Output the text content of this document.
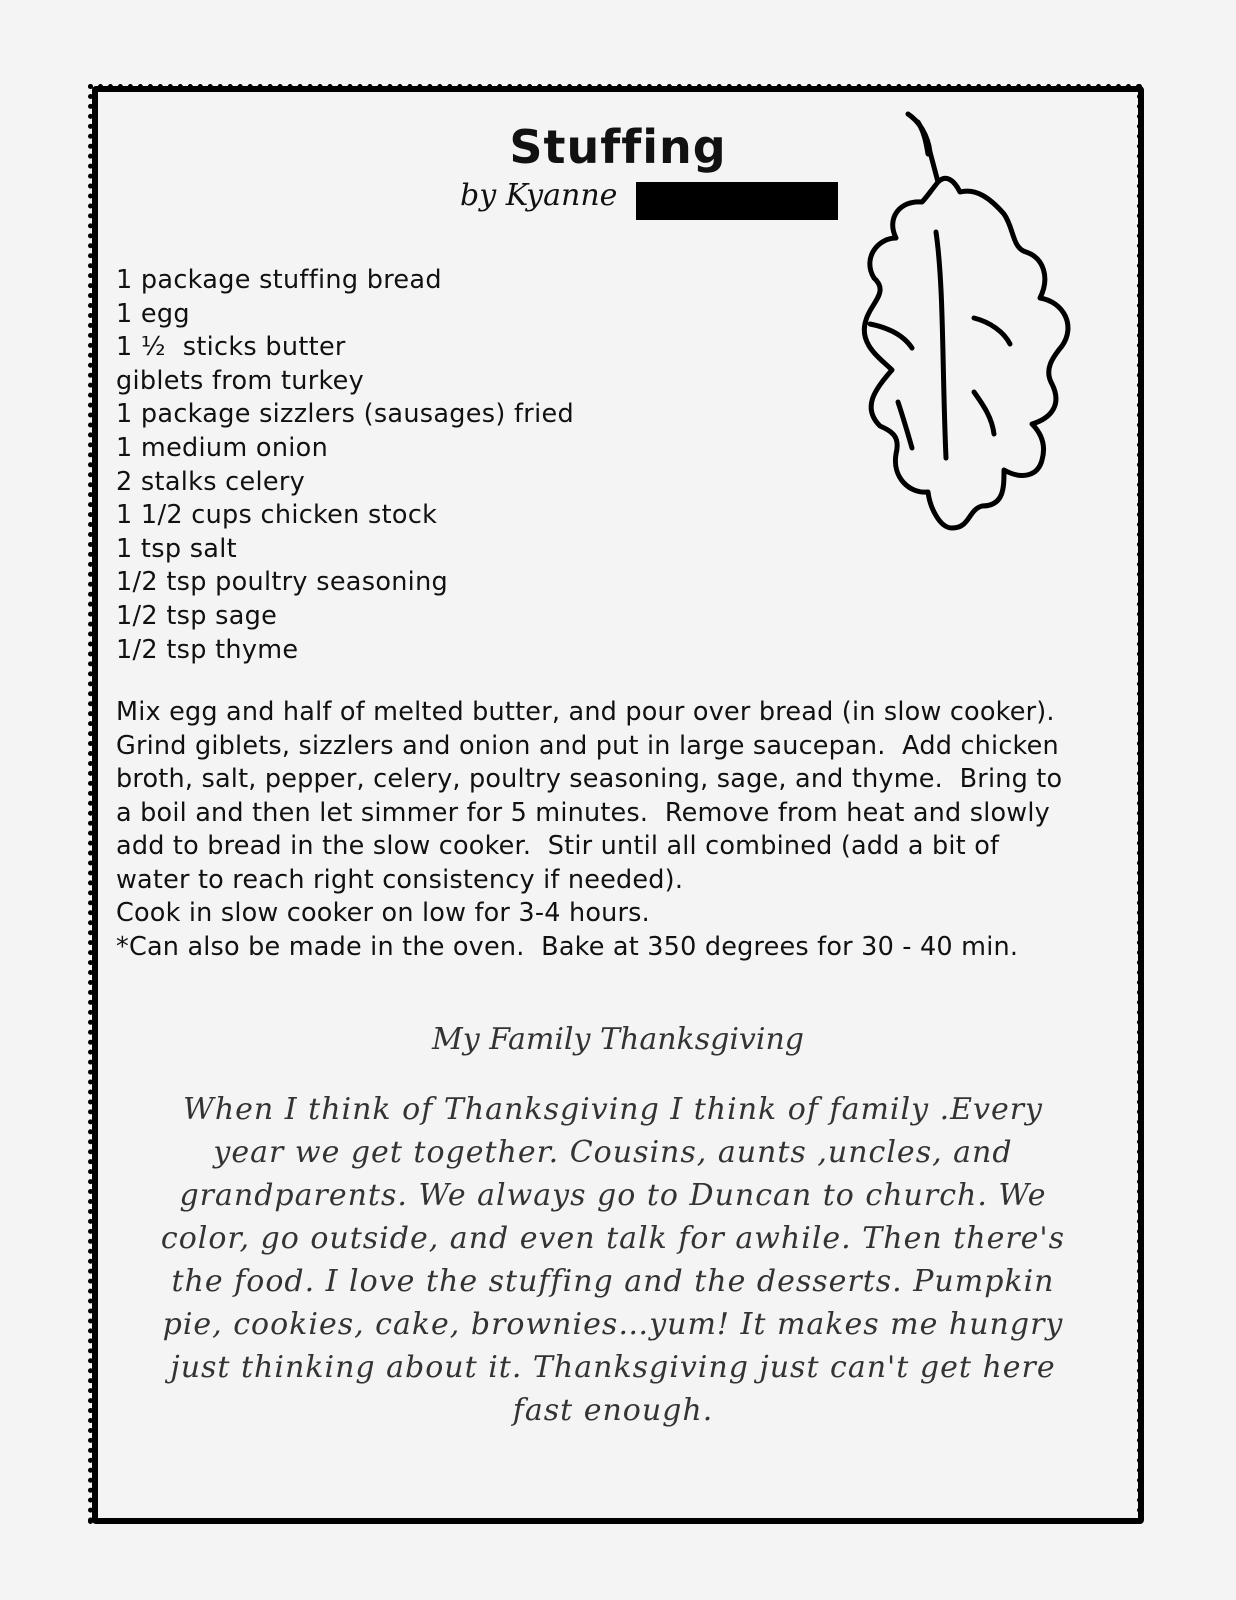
Stuffing
by Kyanne
1 package stuffing bread
1 egg
1 ½  sticks butter
giblets from turkey
1 package sizzlers (sausages) fried
1 medium onion
2 stalks celery
1 1/2 cups chicken stock
1 tsp salt
1/2 tsp poultry seasoning
1/2 tsp sage
1/2 tsp thyme
Mix egg and half of melted butter, and pour over bread (in slow cooker).
Grind giblets, sizzlers and onion and put in large saucepan.  Add chicken
broth, salt, pepper, celery, poultry seasoning, sage, and thyme.  Bring to
a boil and then let simmer for 5 minutes.  Remove from heat and slowly
add to bread in the slow cooker.  Stir until all combined (add a bit of
water to reach right consistency if needed).
Cook in slow cooker on low for 3-4 hours.
*Can also be made in the oven.  Bake at 350 degrees for 30 - 40 min.
My Family Thanksgiving
When I think of Thanksgiving I think of family .Every
year we get together. Cousins, aunts ,uncles, and
grandparents. We always go to Duncan to church. We
color, go outside, and even talk for awhile. Then there's
the food. I love the stuffing and the desserts. Pumpkin
pie, cookies, cake, brownies…yum! It makes me hungry
just thinking about it. Thanksgiving just can't get here
fast enough.
